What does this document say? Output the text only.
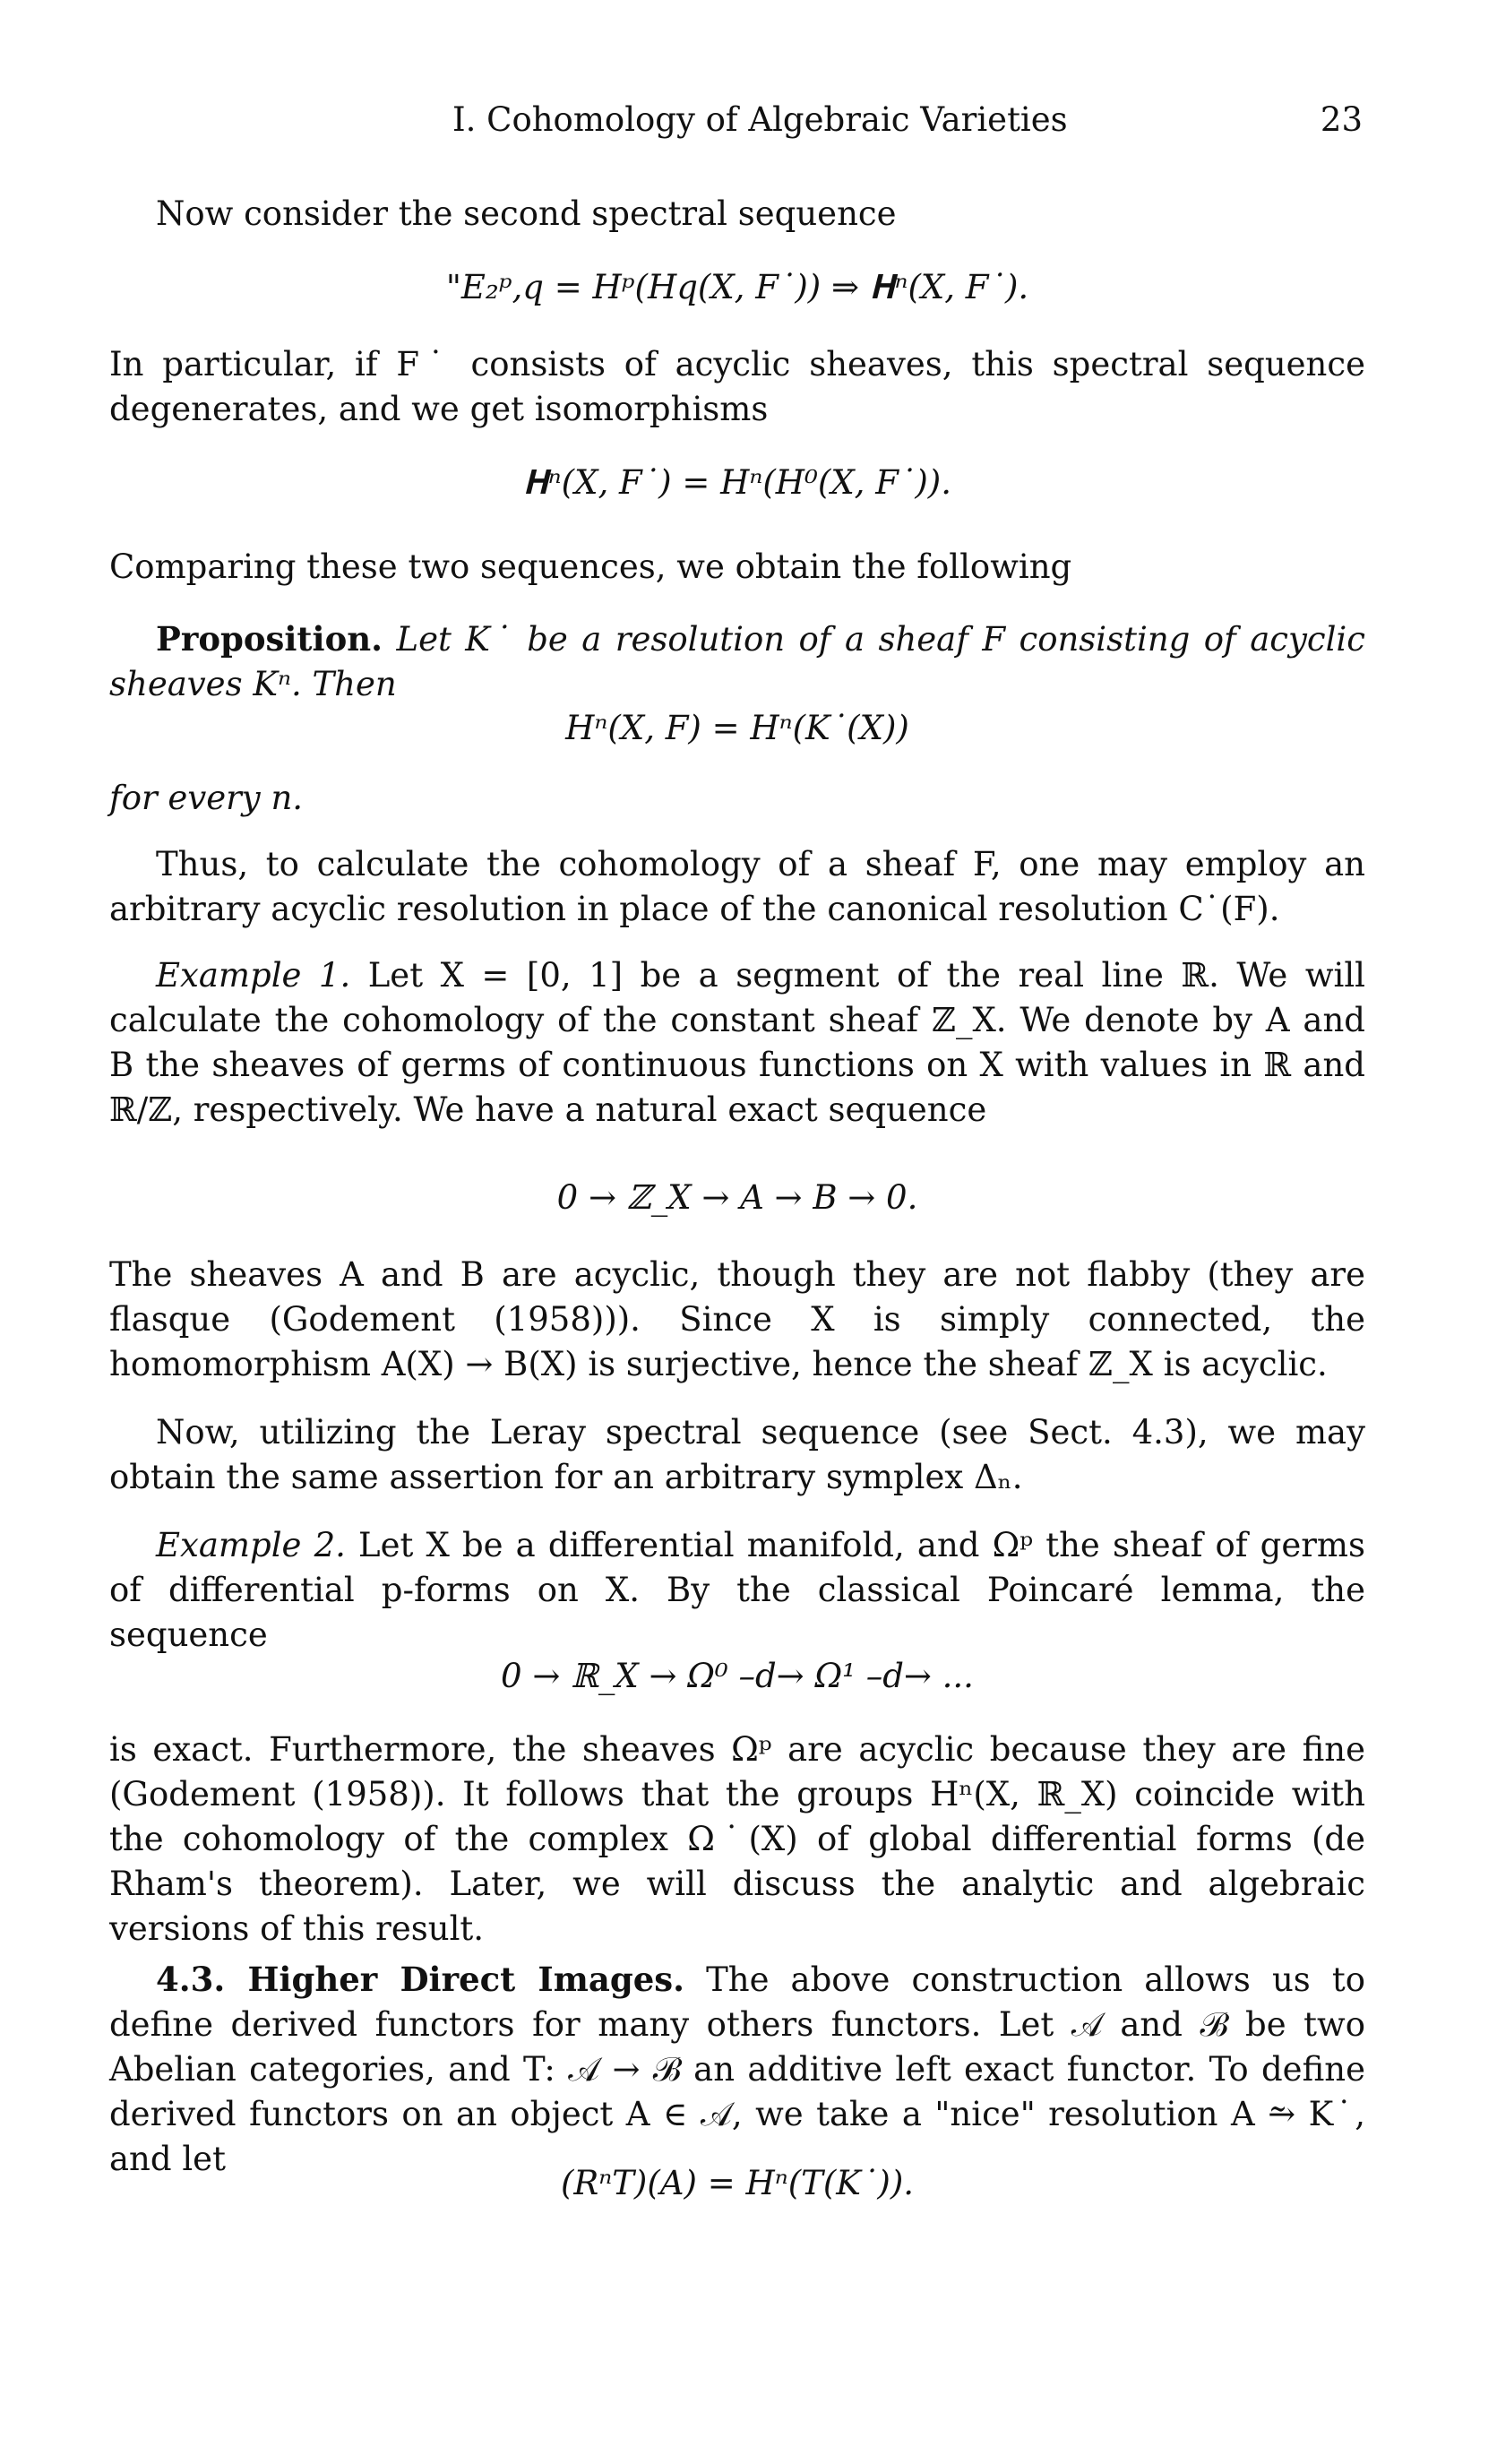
I. Cohomology of Algebraic Varieties	23
Now consider the second spectral sequence
"E₂ᵖ,q = Hᵖ(Hq(X, F˙)) ⇒ 𝐇ⁿ(X, F˙).
In particular, if F˙ consists of acyclic sheaves, this spectral sequence degenerates, and we get isomorphisms
𝐇ⁿ(X, F˙) = Hⁿ(H⁰(X, F˙)).
Comparing these two sequences, we obtain the following
Proposition. Let K˙ be a resolution of a sheaf F consisting of acyclic sheaves Kⁿ. Then
Hⁿ(X, F) = Hⁿ(K˙(X))
for every n.
Thus, to calculate the cohomology of a sheaf F, one may employ an arbitrary acyclic resolution in place of the canonical resolution C˙(F).
Example 1. Let X = [0, 1] be a segment of the real line ℝ. We will calculate the cohomology of the constant sheaf ℤ_X. We denote by A and B the sheaves of germs of continuous functions on X with values in ℝ and ℝ/ℤ, respectively. We have a natural exact sequence
0 → ℤ_X → A → B → 0.
The sheaves A and B are acyclic, though they are not flabby (they are flasque (Godement (1958))). Since X is simply connected, the homomorphism A(X) → B(X) is surjective, hence the sheaf ℤ_X is acyclic.
Now, utilizing the Leray spectral sequence (see Sect. 4.3), we may obtain the same assertion for an arbitrary symplex Δₙ.
Example 2. Let X be a differential manifold, and Ωᵖ the sheaf of germs of differential p-forms on X. By the classical Poincaré lemma, the sequence
0 → ℝ_X → Ω⁰ –d→ Ω¹ –d→ ...
is exact. Furthermore, the sheaves Ωᵖ are acyclic because they are fine (Godement (1958)). It follows that the groups Hⁿ(X, ℝ_X) coincide with the cohomology of the complex Ω˙(X) of global differential forms (de Rham's theorem). Later, we will discuss the analytic and algebraic versions of this result.
4.3. Higher Direct Images. The above construction allows us to define derived functors for many others functors. Let 𝒜 and ℬ be two Abelian categories, and T: 𝒜 → ℬ an additive left exact functor. To define derived functors on an object A ∈ 𝒜, we take a "nice" resolution A ⥲ K˙, and let
(RⁿT)(A) = Hⁿ(T(K˙)).
